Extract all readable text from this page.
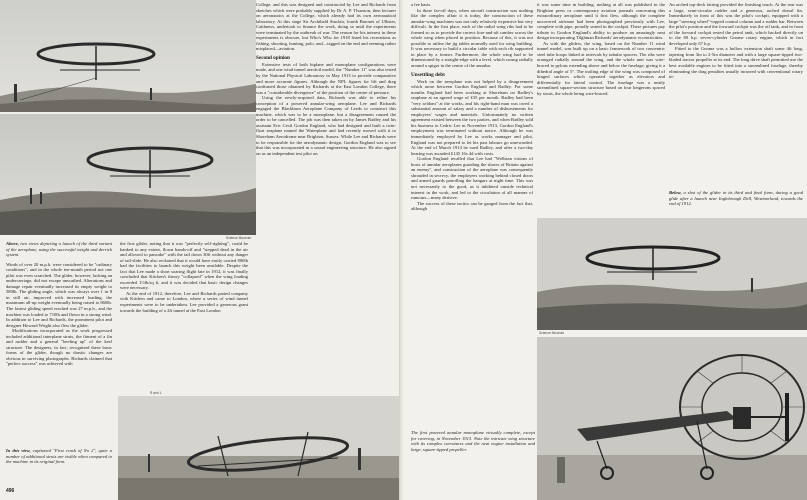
Science Museum

Above, two views depicting a launch of the third variant of the aeroplane, using the successful weight and derrick system.

Winds of over 20 m.p.h. were considered to be "ordinary conditions", and in the whole ten-month period not one pilot was even scratched. The glider, however, lacking an undercarriage, did not escape unscathed. Alterations and damage repair eventually increased its empty weight to 580lb. The gliding angle, which was always over 1 in 8 in still air, improved with increased loading, the maximum all-up weight eventually being raised to 860lb. The fastest gliding speed reached was 27 m.p.h., and the machine was loaded to 710lb and flown in a strong wind. In addition to Lee and Richards, the prominent pilot and designer Howard Wright also flew the glider.

Modifications incorporated as the work progressed included additional interplane struts, the fitment of a fin and rudder and a general "beefing up" of the keel structure. The designers, in fact, recognised these basic forms of the glider, though no drastic changes are obvious in surviving photographs. Richards claimed that "perfect success" was achieved with

In this view, captioned "First crash of No 2", quite a number of additional struts are visible when compared to the machine in its original form.

the first glider, noting that it was "perfectly self-righting", could be banked to any extent, flown hands-off and "stepped dead in the air and allowed to pancake" with the tail down 30ft without any danger of tail-slide. He also reckoned that it would have easily carried 800lb had the facilities to launch this weight been available. Despite the fact that Lee made a short soaring flight late in 1912, it was finally concluded that Kitchen's theory "collapsed" when the wing loading exceeded 1½lb/sq ft, and it was decided that basic design changes were necessary.

At the end of 1912, therefore, Lee and Richards parted company with Kitchen and came to London, where a series of wind tunnel experiments were to be undertaken. Lee provided a generous grant towards the building of a 2ft tunnel at the East London

R and L

College, and this was designed and constructed by Lee and Richards from sketches which were probably supplied by Dr A. P. Thurston, then lecturer on aeronautics at the College, which already had its own aeronautical laboratory. At this stage Sir Archibald Sinclair, fourth Baronet of Ulbster, Caithness, undertook to finance the work, doing so until the experiments were terminated by the outbreak of war. The reason for his interest in these experiments is obscure, but Who's Who for 1918 listed his recreations as fishing, shooting, hunting, polo, and—tagged on the end and seeming rather misplaced—aviation.

Second opinion

Extensive tests of both biplane and monoplane configurations were made, and one wind tunnel aerofoil model, the "Number 11" was also tested by the National Physical Laboratory in May 1913 to provide comparative and more accurate figures. Although the NPL figures for lift and drag confirmed those obtained by Richards at the East London College, there was a "considerable divergence" of the position of the centre of pressure.

Using the newly-acquired data, Richards was able to refine his conception of a powered annular-wing aeroplane. Lee and Richards engaged the Blackburn Aeroplane Company of Leeds to construct this machine, which was to be a monoplane, but a disagreement caused the order to be cancelled. The job was then taken on by James Radley and his assistant Eric Cecil Gordon England, who had designed and built a twin-float seaplane named the Waterplane and had recently moved with it to Shoreham Aerodrome near Brighton, Sussex. While Lee and Richards were to be responsible for the aerodynamic design, Gordon England was to see that this was incorporated in a sound engineering structure. He also signed on as an independent test pilot on

496

a fee basis.

In those far-off days, when aircraft construction was nothing like the complex affair it is today, the construction of these annular-wing machines was not only relatively expensive but very difficult. In the first place, each of the radial wing ribs had to be formed so as to provide the correct fore-and-aft camber across the whole wing when placed in position. Because of this, it was not possible to utilise the jig tables normally used for wing building. It was necessary to build a circular table with each rib supported in place by a former. Furthermore, the whole wing had to be dimensioned by a straight-edge with a level, which swung radially around a spigot in the centre of the annulus.

Unsettling debt

Work on the aeroplane was not helped by a disagreement which arose between Gordon England and Radley. For some months England had been working at Shoreham on Radley's seaplane at an agreed wage of £35 per month. Radley had been "very seldom" at the works, and his right-hand man was owed a substantial amount of salary and a number of disbursements for employees' wages and materials. Unfortunately no written agreement existed between the two parties, and when Radley sold his business to Cedric Lee in November 1913, Gordon England's employment was terminated without notice. Although he was immediately employed by Lee as works manager and pilot, England was not prepared to let his past labours go unrewarded. At the end of March 1914 he sued Radley, and after a two-day hearing was awarded £145 16s 4d with costs.

Gordon England recalled that Lee had "Wellsian visions of hosts of annular aeroplanes guarding the shores of Britain against an enemy", and construction of the aeroplane was consequently shrouded in secrecy, the employees working behind closed doors and armed guards patrolling the hangars at night time. This was not necessarily to the good, as it inhibited outside technical interest in the work, and led to the circulation of all manner of rumours—many derisive.

The success of these tactics can be gauged from the fact that, although

The first powered annular monoplane virtually complete, except for covering, in November 1913. Note the intricate wing structure with its complex curvatures and the neat engine installation and large, square-tipped propeller.

it was some time in building, nothing at all was published in the Brighton press or contemporary aviation journals concerning this extraordinary aeroplane until it first flew, although the complete uncovered airframe had been photographed previously with Lee, complete with pipe, proudly seated in the cockpit. These pictures pay tribute to Gordon England's ability to produce an amazingly neat design incorporating Tilghman Richards' aerodynamic eccentricities.

As with the gliders, the wing, based on the Number 11 wind tunnel model, was built up on a basic framework of two concentric steel tube hoops linked at intervals by tubular spacers. The ribs were arranged radially around the wing, and the whole unit was wire-braced to pylons extending above and below the fuselage, giving it a dihedral angle of 5°. The trailing edge of the wing was composed of hinged surfaces which operated together as elevators and differentially for lateral control. The fuselage was a neatly streamlined square-section structure based on four longerons spaced by struts, the whole being wire-braced.

An arched top-deck fairing provided the finishing touch. At the rear was a large, semi-circular rudder and a generous, arched dorsal fin. Immediately in front of this was the pilot's cockpit, equipped with a large "steering wheel"-topped control column and a rudder bar. Between the pilot's position and the forward cockpit was the oil tank, and in front of the forward cockpit rested the petrol tank, which backed directly on to the 80 h.p. seven-cylinder Gnome rotary engine, which in fact developed only 67 h.p.

Fitted to the Gnome was a hollow extension shaft some 4ft long, tapering from 3in to 2-5in diameter and with a large square-tipped two-bladed tractor propeller at its end. The long drive shaft permitted use the best available engines to be fitted into a streamlined fuselage, thereby eliminating the drag penalties usually incurred with conventional rotary in-

Below, a shot of the glider in its third and final form, during a good glide after a launch near Inglebrough Dell, Westmorland, towards the end of 1912.

Science Museum
